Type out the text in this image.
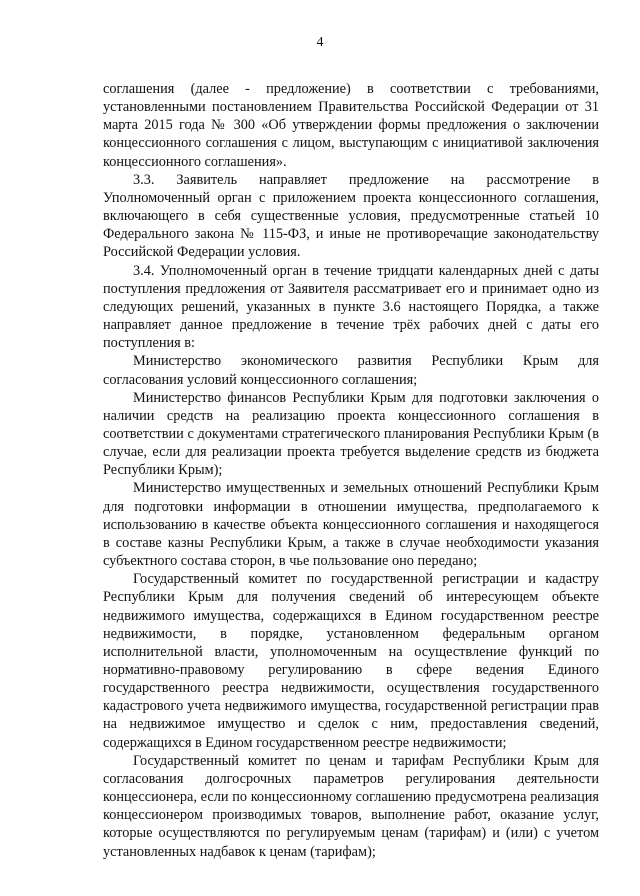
4

соглашения (далее - предложение) в соответствии с требованиями, установленными постановлением Правительства Российской Федерации от 31 марта 2015 года № 300 «Об утверждении формы предложения о заключении концессионного соглашения с лицом, выступающим с инициативой заключения концессионного соглашения».

3.3. Заявитель направляет предложение на рассмотрение в Уполномоченный орган с приложением проекта концессионного соглашения, включающего в себя существенные условия, предусмотренные статьей 10 Федерального закона № 115-ФЗ, и иные не противоречащие законодательству Российской Федерации условия.

3.4. Уполномоченный орган в течение тридцати календарных дней с даты поступления предложения от Заявителя рассматривает его и принимает одно из следующих решений, указанных в пункте 3.6 настоящего Порядка, а также направляет данное предложение в течение трёх рабочих дней с даты его поступления в:

Министерство экономического развития Республики Крым для согласования условий концессионного соглашения;

Министерство финансов Республики Крым для подготовки заключения о наличии средств на реализацию проекта концессионного соглашения в соответствии с документами стратегического планирования Республики Крым (в случае, если для реализации проекта требуется выделение средств из бюджета Республики Крым);

Министерство имущественных и земельных отношений Республики Крым для подготовки информации в отношении имущества, предполагаемого к использованию в качестве объекта концессионного соглашения и находящегося в составе казны Республики Крым, а также в случае необходимости указания субъектного состава сторон, в чье пользование оно передано;

Государственный комитет по государственной регистрации и кадастру Республики Крым для получения сведений об интересующем объекте недвижимого имущества, содержащихся в Едином государственном реестре недвижимости, в порядке, установленном федеральным органом исполнительной власти, уполномоченным на осуществление функций по нормативно-правовому регулированию в сфере ведения Единого государственного реестра недвижимости, осуществления государственного кадастрового учета недвижимого имущества, государственной регистрации прав на недвижимое имущество и сделок с ним, предоставления сведений, содержащихся в Едином государственном реестре недвижимости;

Государственный комитет по ценам и тарифам Республики Крым для согласования долгосрочных параметров регулирования деятельности концессионера, если по концессионному соглашению предусмотрена реализация концессионером производимых товаров, выполнение работ, оказание услуг, которые осуществляются по регулируемым ценам (тарифам) и (или) с учетом установленных надбавок к ценам (тарифам);
